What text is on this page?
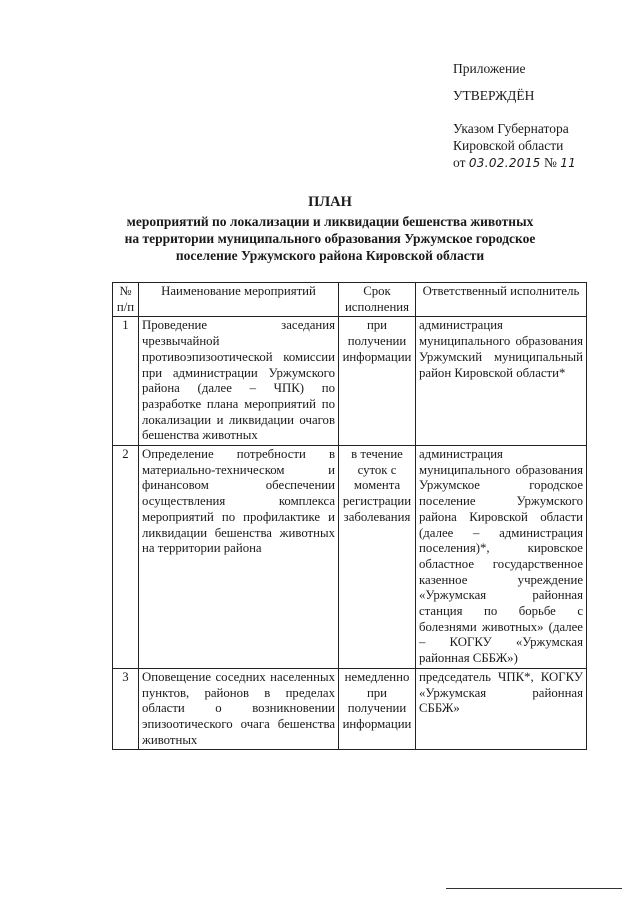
Приложение
УТВЕРЖДЁН
Указом Губернатора
Кировской области
от 03.02.2015 № 11
ПЛАН
мероприятий по локализации и ликвидации бешенства животных
на территории муниципального образования Уржумское городское
поселение Уржумского района Кировской области
№ п/п	Наименование мероприятий	Срок исполнения	Ответственный исполнитель
1	Проведение заседания чрезвычайной противоэпизоотической комиссии при администрации Уржумского района (далее – ЧПК) по разработке плана мероприятий по локализации и ликвидации очагов бешенства животных	при получении информации	администрация муниципального образования Уржумский муниципальный район Кировской области*
2	Определение потребности в материально-техническом и финансовом обеспечении осуществления комплекса мероприятий по профилактике и ликвидации бешенства животных на территории района	в течение суток с момента регистрации заболевания	администрация муниципального образования Уржумское городское поселение Уржумского района Кировской области (далее – администрация поселения)*, кировское областное государственное казенное учреждение «Уржумская районная станция по борьбе с болезнями животных» (далее – КОГКУ «Уржумская районная СББЖ»)
3	Оповещение соседних населенных пунктов, районов в пределах области о возникновении эпизоотического очага бешенства животных	немедленно при получении информации	председатель ЧПК*, КОГКУ «Уржумская районная СББЖ»
